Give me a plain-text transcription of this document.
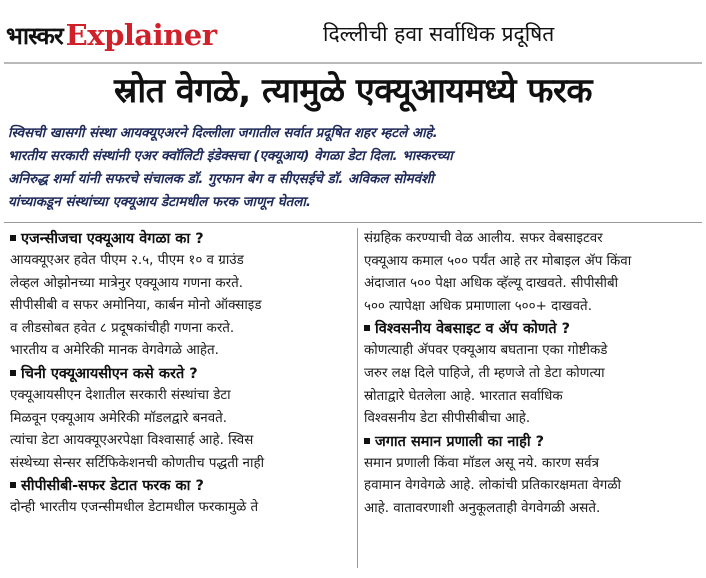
भास्कर Explainer	दिल्लीची हवा सर्वाधिक प्रदूषित
स्रोत वेगळे, त्यामुळे एक्यूआयमध्ये फरक
स्विसची खासगी संस्था आयक्यूएअरने दिल्लीला जगातील सर्वात प्रदूषित शहर म्हटले आहे.
भारतीय सरकारी संस्थांनी एअर क्वॉलिटी इंडेक्सचा (एक्यूआय) वेगळा डेटा दिला. भास्करच्या
अनिरुद्ध शर्मा यांनी सफरचे संचालक डॉ. गुरफान बेग व सीएसईचे डॉ. अविकल सोमवंशी
यांच्याकडून संस्थांच्या एक्यूआय डेटामधील फरक जाणून घेतला.
एजन्सीजचा एक्यूआय वेगळा का ?
आयक्यूएअर हवेत पीएम २.५, पीएम १० व ग्राउंड
लेव्हल ओझोनच्या मात्रेनुर एक्यूआय गणना करते.
सीपीसीबी व सफर अमोनिया, कार्बन मोनो ऑक्साइड
व लीडसोबत हवेत ८ प्रदूषकांचीही गणना करते.
भारतीय व अमेरिकी मानक वेगवेगळे आहेत.
चिनी एक्यूआयसीएन कसे करते ?
एक्यूआयसीएन देशातील सरकारी संस्थांचा डेटा
मिळवून एक्यूआय अमेरिकी मॉडलद्वारे बनवते.
त्यांचा डेटा आयक्यूएअरपेक्षा विश्वासार्ह आहे. स्विस
संस्थेच्या सेन्सर सर्टिफिकेशनची कोणतीच पद्धती नाही
सीपीसीबी-सफर डेटात फरक का ?
दोन्ही भारतीय एजन्सीमधील डेटामधील फरकामुळे ते
संग्रहिक करण्याची वेळ आलीय. सफर वेबसाइटवर
एक्यूआय कमाल ५०० पर्यंत आहे तर मोबाइल ॲप किंवा
अंदाजात ५०० पेक्षा अधिक व्हॅल्यू दाखवते. सीपीसीबी
५०० त्यापेक्षा अधिक प्रमाणाला ५००+ दाखवते.
विश्वसनीय वेबसाइट व ॲप कोणते ?
कोणत्याही ॲपवर एक्यूआय बघताना एका गोष्टीकडे
जरुर लक्ष दिले पाहिजे, ती म्हणजे तो डेटा कोणत्या
स्रोताद्वारे घेतलेला आहे. भारतात सर्वाधिक
विश्वसनीय डेटा सीपीसीबीचा आहे.
जगात समान प्रणाली का नाही ?
समान प्रणाली किंवा मॉडल असू नये. कारण सर्वत्र
हवामान वेगवेगळे आहे. लोकांची प्रतिकारक्षमता वेगळी
आहे. वातावरणाशी अनुकूलताही वेगवेगळी असते.
